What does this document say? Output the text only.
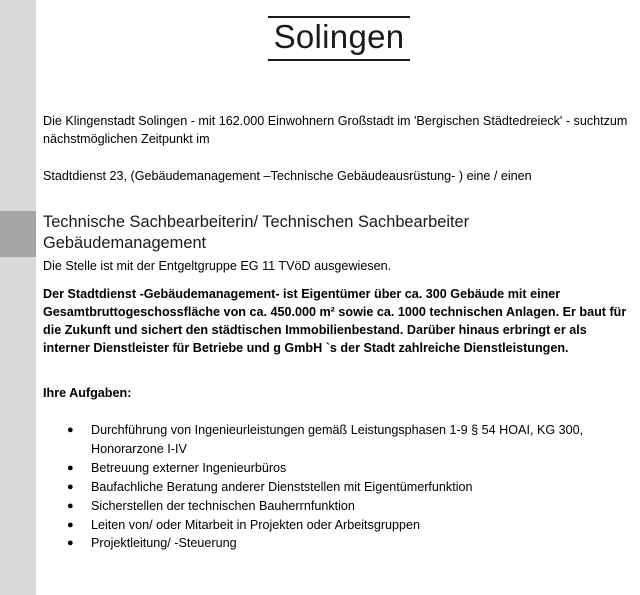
Solingen
Die Klingenstadt Solingen - mit 162.000 Einwohnern Großstadt im 'Bergischen Städtedreieck' - suchtzum nächstmöglichen Zeitpunkt im
Stadtdienst 23, (Gebäudemanagement –Technische Gebäudeausrüstung- ) eine / einen
Technische Sachbearbeiterin/ Technischen Sachbearbeiter
Gebäudemanagement
Die Stelle ist mit der Entgeltgruppe EG 11 TVöD ausgewiesen.
Der Stadtdienst -Gebäudemanagement- ist Eigentümer über ca. 300 Gebäude mit einer Gesamtbruttogeschossfläche von ca. 450.000 m² sowie ca. 1000 technischen Anlagen. Er baut für die Zukunft und sichert den städtischen Immobilienbestand. Darüber hinaus erbringt er als interner Dienstleister für Betriebe und g GmbH `s der Stadt zahlreiche Dienstleistungen.
Ihre Aufgaben:
● Durchführung von Ingenieurleistungen gemäß Leistungsphasen 1-9 § 54 HOAI, KG 300, Honorarzone I-IV
● Betreuung externer Ingenieurbüros
● Baufachliche Beratung anderer Dienststellen mit Eigentümerfunktion
● Sicherstellen der technischen Bauherrnfunktion
● Leiten von/ oder Mitarbeit in Projekten oder Arbeitsgruppen
● Projektleitung/ -Steuerung
